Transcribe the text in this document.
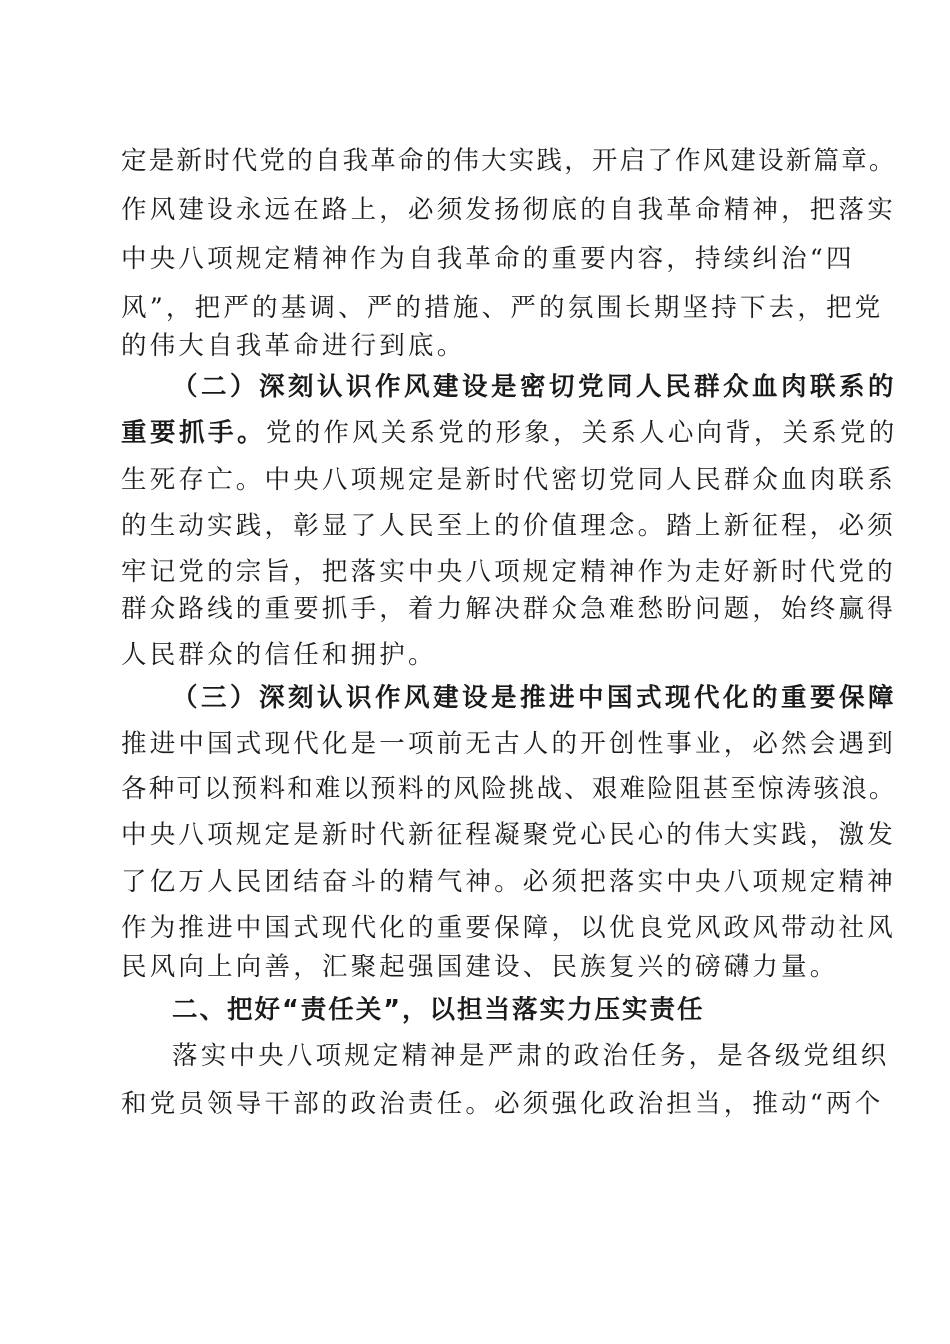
定是新时代党的自我革命的伟大实践，开启了作风建设新篇章。
作风建设永远在路上，必须发扬彻底的自我革命精神，把落实
中央八项规定精神作为自我革命的重要内容，持续纠治“四
风”，把严的基调、严的措施、严的氛围长期坚持下去，把党
的伟大自我革命进行到底。
（二）深刻认识作风建设是密切党同人民群众血肉联系的
重要抓手。党的作风关系党的形象，关系人心向背，关系党的
生死存亡。中央八项规定是新时代密切党同人民群众血肉联系
的生动实践，彰显了人民至上的价值理念。踏上新征程，必须
牢记党的宗旨，把落实中央八项规定精神作为走好新时代党的
群众路线的重要抓手，着力解决群众急难愁盼问题，始终赢得
人民群众的信任和拥护。
（三）深刻认识作风建设是推进中国式现代化的重要保障
推进中国式现代化是一项前无古人的开创性事业，必然会遇到
各种可以预料和难以预料的风险挑战、艰难险阻甚至惊涛骇浪。
中央八项规定是新时代新征程凝聚党心民心的伟大实践，激发
了亿万人民团结奋斗的精气神。必须把落实中央八项规定精神
作为推进中国式现代化的重要保障，以优良党风政风带动社风
民风向上向善，汇聚起强国建设、民族复兴的磅礴力量。
二、把好“责任关”，以担当落实力压实责任
落实中央八项规定精神是严肃的政治任务，是各级党组织
和党员领导干部的政治责任。必须强化政治担当，推动“两个
